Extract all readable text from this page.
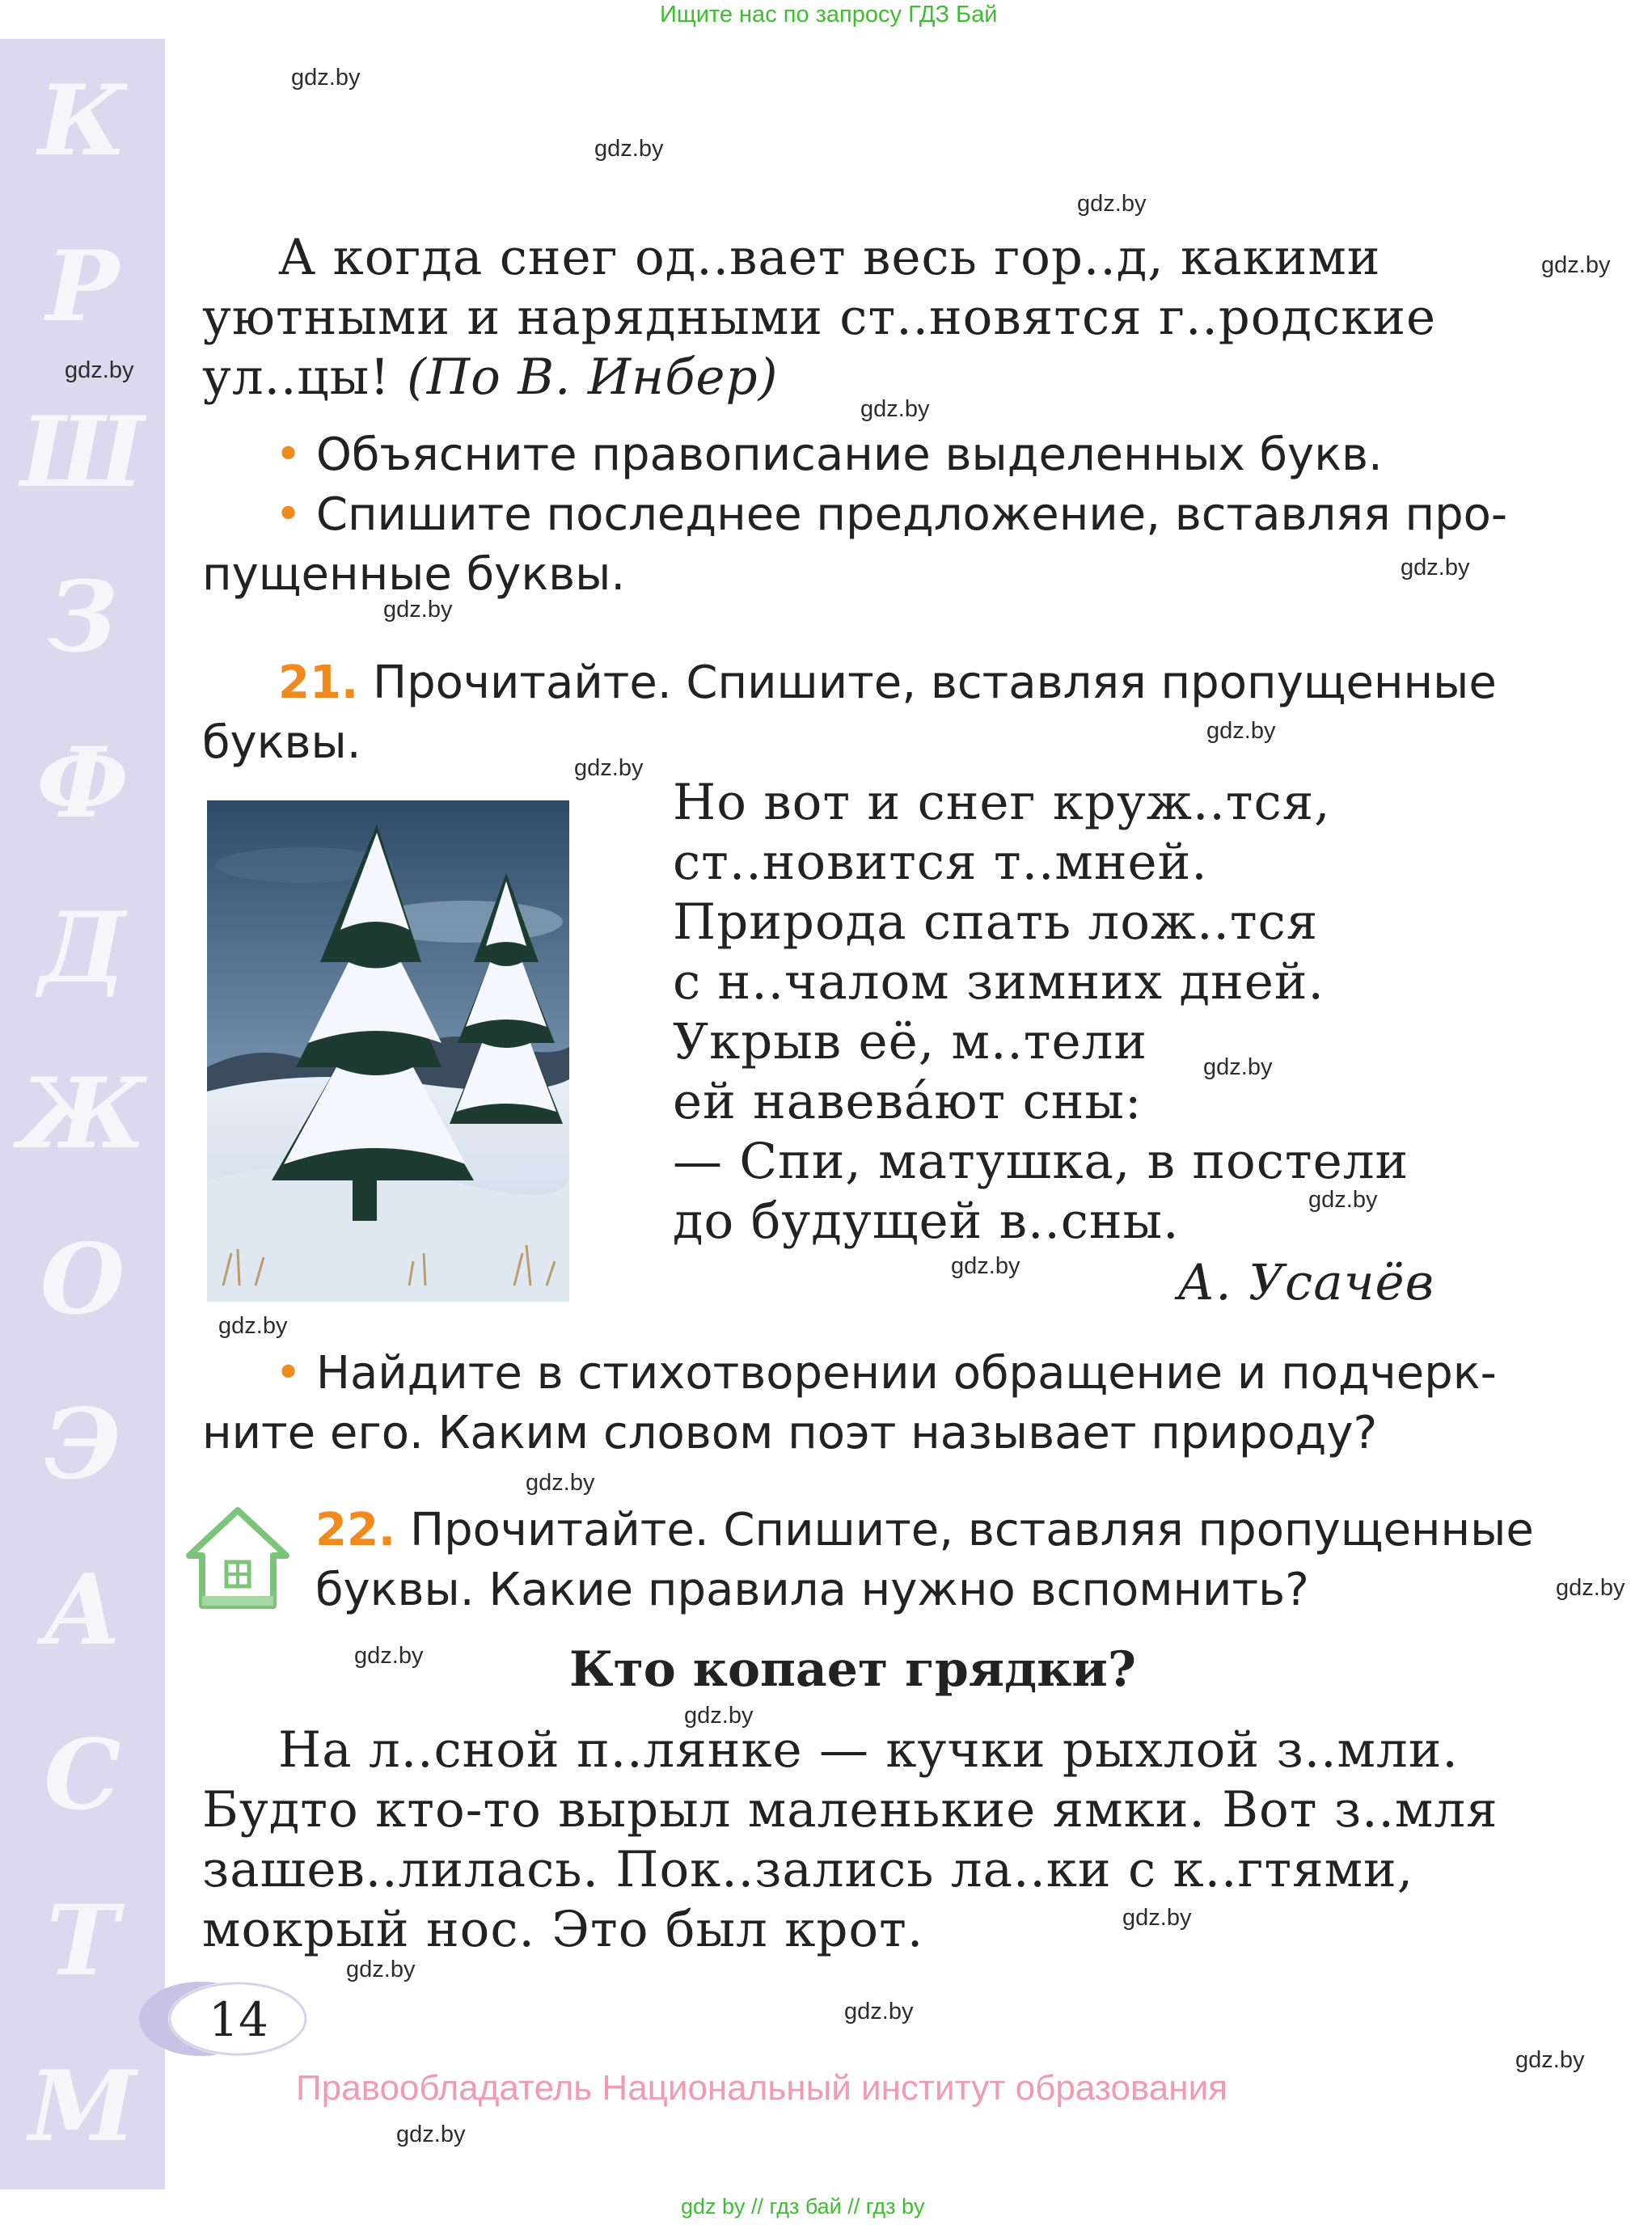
Ищите нас по запросу ГДЗ Бай
К
Р
Ш
З
Ф
Д
Ж
О
Э
А
С
Т
М
gdz.by
gdz.by
gdz.by
gdz.by
gdz.by
gdz.by
gdz.by
gdz.by
gdz.by
gdz.by
gdz.by
gdz.by
gdz.by
gdz.by
gdz.by
gdz.by
gdz.by
gdz.by
gdz.by
gdz.by
gdz.by
gdz.by
gdz.by
А когда снег од..вает весь гор..д, какими
уютными и нарядными ст..новятся г..родские
ул..цы! (По В. Инбер)
• Объясните правописание выделенных букв.
• Спишите последнее предложение, вставляя про-
пущенные буквы.
21. Прочитайте. Спишите, вставляя пропущенные
буквы.
Но вот и снег круж..тся,
ст..новится т..мней.
Природа спать лож..тся
с н..чалом зимних дней.
Укрыв её, м..тели
ей навева́ют сны:
— Спи, матушка, в постели
до будущей в..сны.
А. Усачёв
• Найдите в стихотворении обращение и подчерк-
ните его. Каким словом поэт называет природу?
22. Прочитайте. Спишите, вставляя пропущенные
буквы. Какие правила нужно вспомнить?
Кто копает грядки?
На л..сной п..лянке — кучки рыхлой з..мли.
Будто кто-то вырыл маленькие ямки. Вот з..мля
зашев..лилась. Пок..зались ла..ки с к..гтями,
мокрый нос. Это был крот.
14
Правообладатель Национальный институт образования
gdz by // гдз бай // гдз by
